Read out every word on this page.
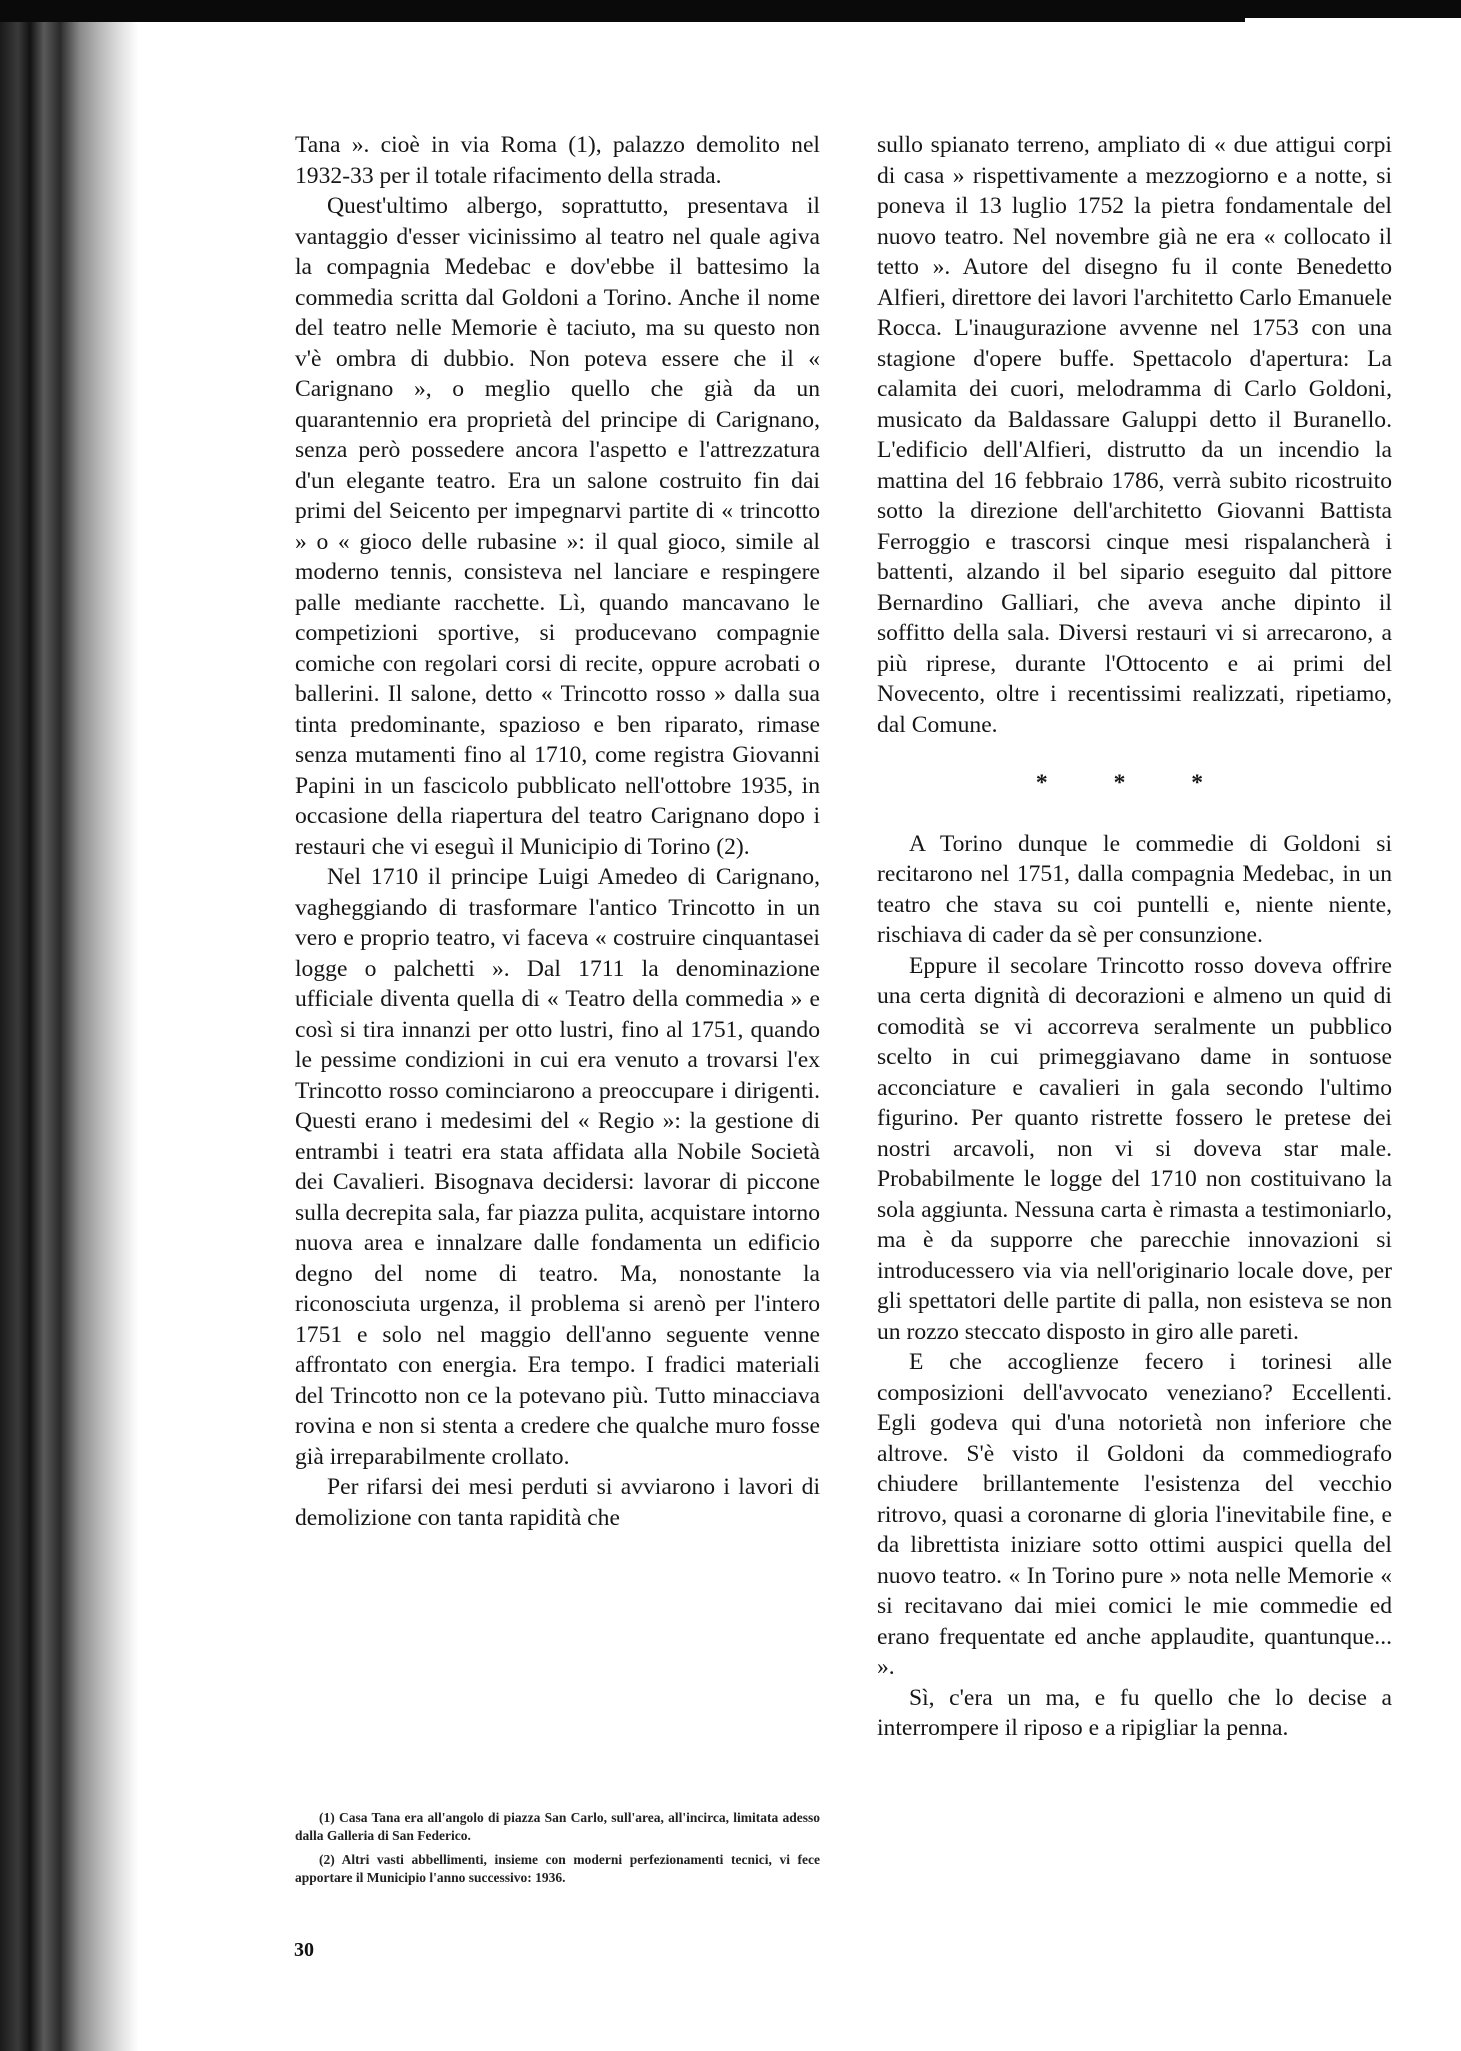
Tana ». cioè in via Roma (1), palazzo demolito nel 1932-33 per il totale rifacimento della strada.

Quest'ultimo albergo, soprattutto, presentava il vantaggio d'esser vicinissimo al teatro nel quale agiva la compagnia Medebac e dov'ebbe il battesimo la commedia scritta dal Goldoni a Torino. Anche il nome del teatro nelle Memorie è taciuto, ma su questo non v'è ombra di dubbio. Non poteva essere che il « Carignano », o meglio quello che già da un quarantennio era proprietà del principe di Carignano, senza però possedere ancora l'aspetto e l'attrezzatura d'un elegante teatro. Era un salone costruito fin dai primi del Seicento per impegnarvi partite di « trincotto » o « gioco delle rubasine »: il qual gioco, simile al moderno tennis, consisteva nel lanciare e respingere palle mediante racchette. Lì, quando mancavano le competizioni sportive, si producevano compagnie comiche con regolari corsi di recite, oppure acrobati o ballerini. Il salone, detto « Trincotto rosso » dalla sua tinta predominante, spazioso e ben riparato, rimase senza mutamenti fino al 1710, come registra Giovanni Papini in un fascicolo pubblicato nell'ottobre 1935, in occasione della riapertura del teatro Carignano dopo i restauri che vi eseguì il Municipio di Torino (2).

Nel 1710 il principe Luigi Amedeo di Carignano, vagheggiando di trasformare l'antico Trincotto in un vero e proprio teatro, vi faceva « costruire cinquantasei logge o palchetti ». Dal 1711 la denominazione ufficiale diventa quella di « Teatro della commedia » e così si tira innanzi per otto lustri, fino al 1751, quando le pessime condizioni in cui era venuto a trovarsi l'ex Trincotto rosso cominciarono a preoccupare i dirigenti. Questi erano i medesimi del « Regio »: la gestione di entrambi i teatri era stata affidata alla Nobile Società dei Cavalieri. Bisognava decidersi: lavorar di piccone sulla decrepita sala, far piazza pulita, acquistare intorno nuova area e innalzare dalle fondamenta un edificio degno del nome di teatro. Ma, nonostante la riconosciuta urgenza, il problema si arenò per l'intero 1751 e solo nel maggio dell'anno seguente venne affrontato con energia. Era tempo. I fradici materiali del Trincotto non ce la potevano più. Tutto minacciava rovina e non si stenta a credere che qualche muro fosse già irreparabilmente crollato.

Per rifarsi dei mesi perduti si avviarono i lavori di demolizione con tanta rapidità che

sullo spianato terreno, ampliato di « due attigui corpi di casa » rispettivamente a mezzogiorno e a notte, si poneva il 13 luglio 1752 la pietra fondamentale del nuovo teatro. Nel novembre già ne era « collocato il tetto ». Autore del disegno fu il conte Benedetto Alfieri, direttore dei lavori l'architetto Carlo Emanuele Rocca. L'inaugurazione avvenne nel 1753 con una stagione d'opere buffe. Spettacolo d'apertura: La calamita dei cuori, melodramma di Carlo Goldoni, musicato da Baldassare Galuppi detto il Buranello. L'edificio dell'Alfieri, distrutto da un incendio la mattina del 16 febbraio 1786, verrà subito ricostruito sotto la direzione dell'architetto Giovanni Battista Ferroggio e trascorsi cinque mesi rispalancherà i battenti, alzando il bel sipario eseguito dal pittore Bernardino Galliari, che aveva anche dipinto il soffitto della sala. Diversi restauri vi si arrecarono, a più riprese, durante l'Ottocento e ai primi del Novecento, oltre i recentissimi realizzati, ripetiamo, dal Comune.

* * *

A Torino dunque le commedie di Goldoni si recitarono nel 1751, dalla compagnia Medebac, in un teatro che stava su coi puntelli e, niente niente, rischiava di cader da sè per consunzione.

Eppure il secolare Trincotto rosso doveva offrire una certa dignità di decorazioni e almeno un quid di comodità se vi accorreva seralmente un pubblico scelto in cui primeggiavano dame in sontuose acconciature e cavalieri in gala secondo l'ultimo figurino. Per quanto ristrette fossero le pretese dei nostri arcavoli, non vi si doveva star male. Probabilmente le logge del 1710 non costituivano la sola aggiunta. Nessuna carta è rimasta a testimoniarlo, ma è da supporre che parecchie innovazioni si introducessero via via nell'originario locale dove, per gli spettatori delle partite di palla, non esisteva se non un rozzo steccato disposto in giro alle pareti.

E che accoglienze fecero i torinesi alle composizioni dell'avvocato veneziano? Eccellenti. Egli godeva qui d'una notorietà non inferiore che altrove. S'è visto il Goldoni da commediografo chiudere brillantemente l'esistenza del vecchio ritrovo, quasi a coronarne di gloria l'inevitabile fine, e da librettista iniziare sotto ottimi auspici quella del nuovo teatro. « In Torino pure » nota nelle Memorie « si recitavano dai miei comici le mie commedie ed erano frequentate ed anche applaudite, quantunque... ».

Sì, c'era un ma, e fu quello che lo decise a interrompere il riposo e a ripigliar la penna.

(1) Casa Tana era all'angolo di piazza San Carlo, sull'area, all'incirca, limitata adesso dalla Galleria di San Federico.

(2) Altri vasti abbellimenti, insieme con moderni perfezionamenti tecnici, vi fece apportare il Municipio l'anno successivo: 1936.

30
